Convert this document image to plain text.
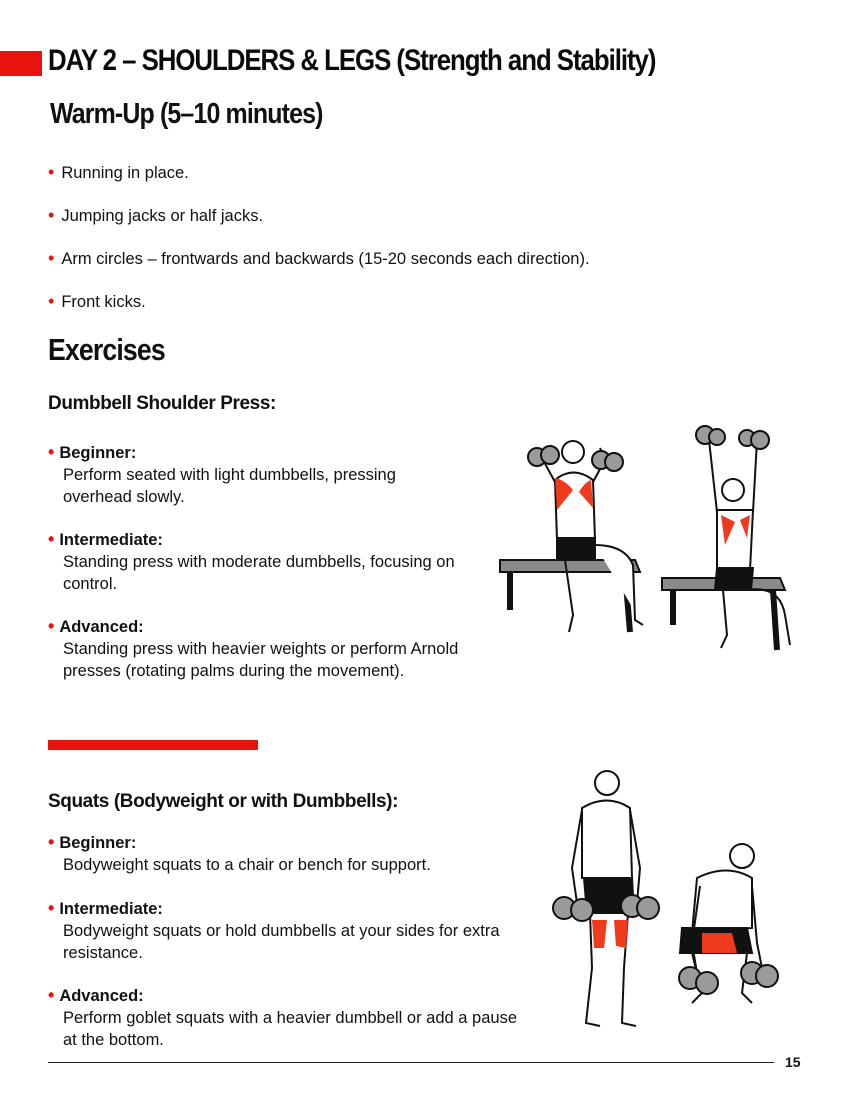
DAY 2 – SHOULDERS & LEGS (Strength and Stability)
Warm-Up (5–10 minutes)
• Running in place.
• Jumping jacks or half jacks.
• Arm circles – frontwards and backwards (15-20 seconds each direction).
• Front kicks.
Exercises
Dumbbell Shoulder Press:
• Beginner:
Perform seated with light dumbbells, pressing overhead slowly.
• Intermediate:
Standing press with moderate dumbbells, focusing on control.
• Advanced:
Standing press with heavier weights or perform Arnold presses (rotating palms during the movement).
Squats (Bodyweight or with Dumbbells):
• Beginner:
Bodyweight squats to a chair or bench for support.
• Intermediate:
Bodyweight squats or hold dumbbells at your sides for extra resistance.
• Advanced:
Perform goblet squats with a heavier dumbbell or add a pause at the bottom.
15
